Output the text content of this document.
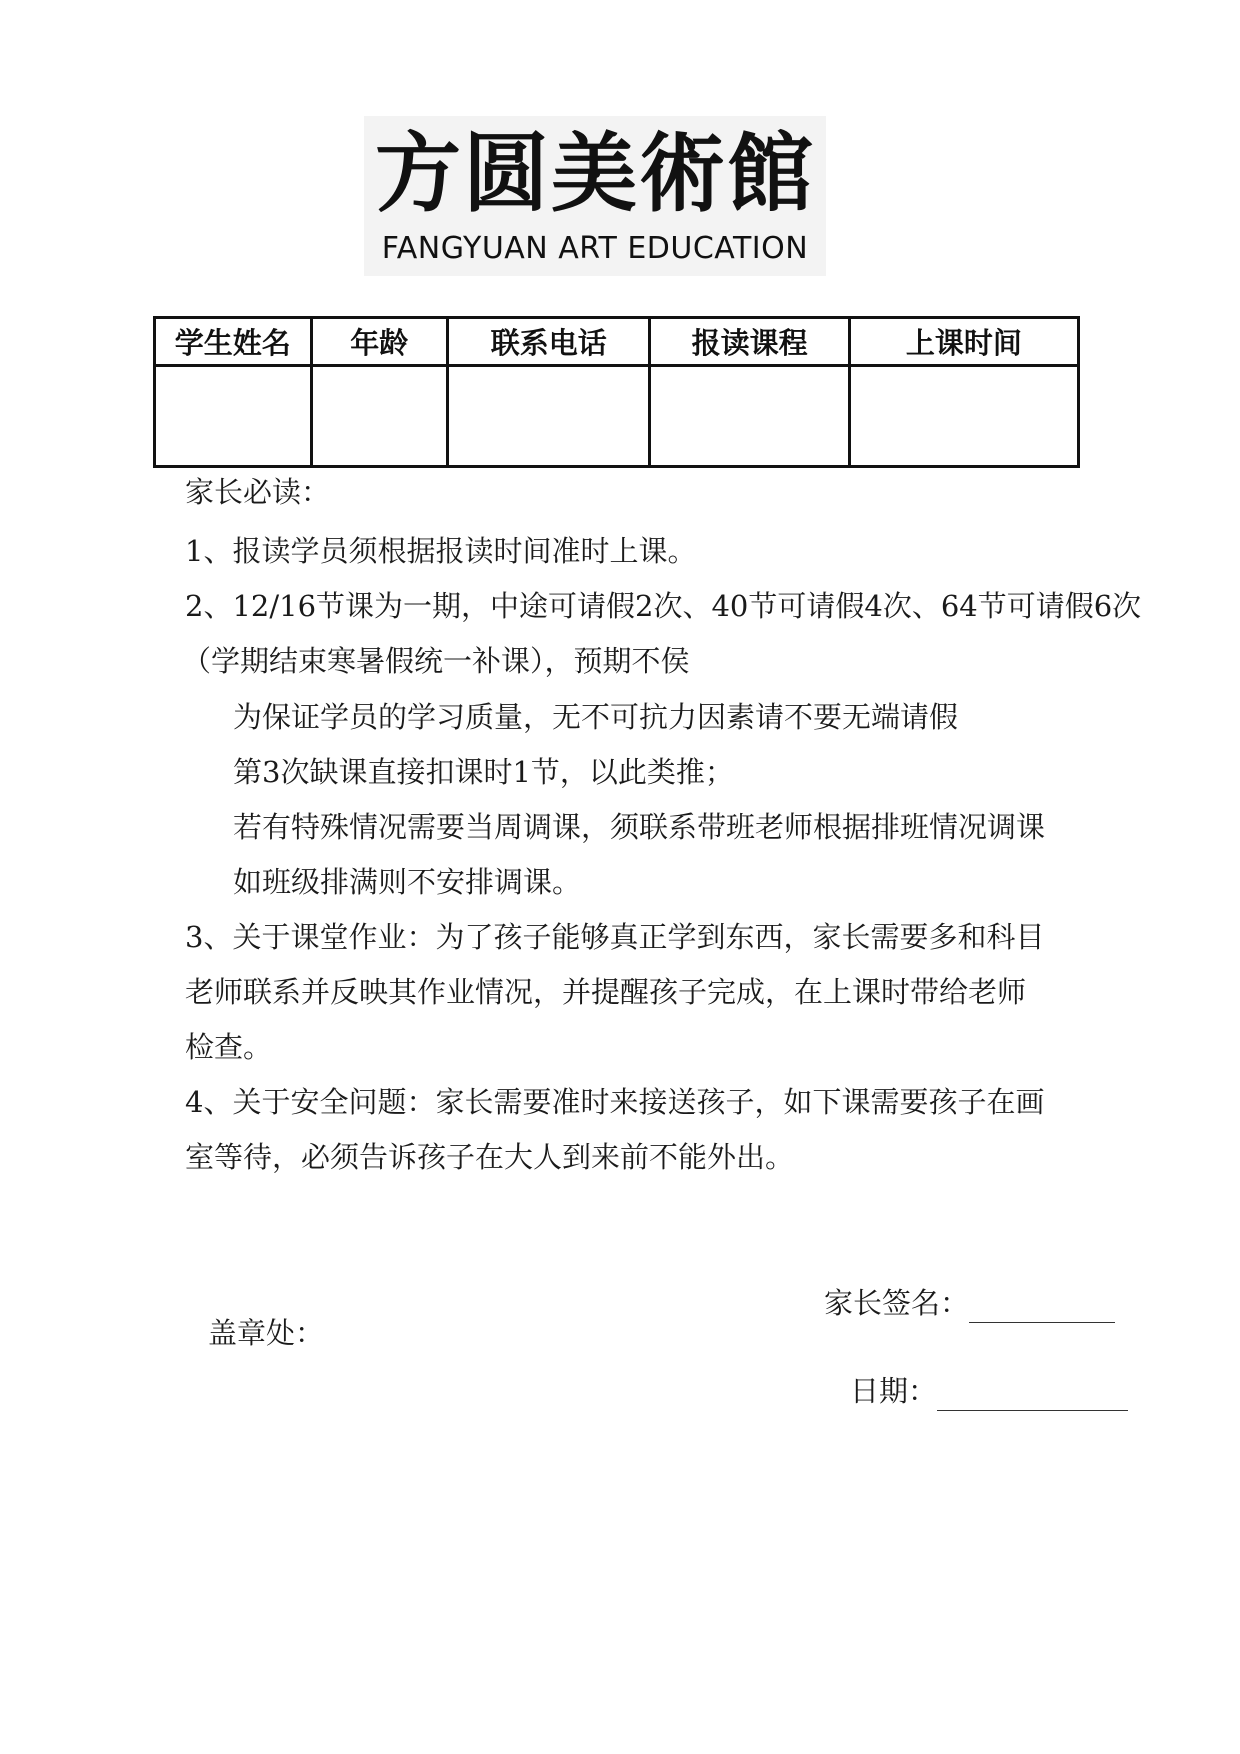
方圆美術館
FANGYUAN ART EDUCATION
学生姓名	年龄	联系电话	报读课程	上课时间

家长必读：

1、报读学员须根据报读时间准时上课。

2、12/16节课为一期，中途可请假2次、40节可请假4次、64节可请假6次

（学期结束寒暑假统一补课），预期不侯

为保证学员的学习质量，无不可抗力因素请不要无端请假

第3次缺课直接扣课时1节，以此类推；

若有特殊情况需要当周调课，须联系带班老师根据排班情况调课

如班级排满则不安排调课。

3、关于课堂作业：为了孩子能够真正学到东西，家长需要多和科目

老师联系并反映其作业情况，并提醒孩子完成，在上课时带给老师

检查。

4、关于安全问题：家长需要准时来接送孩子，如下课需要孩子在画

室等待，必须告诉孩子在大人到来前不能外出。

盖章处：

家长签名：
日期：
